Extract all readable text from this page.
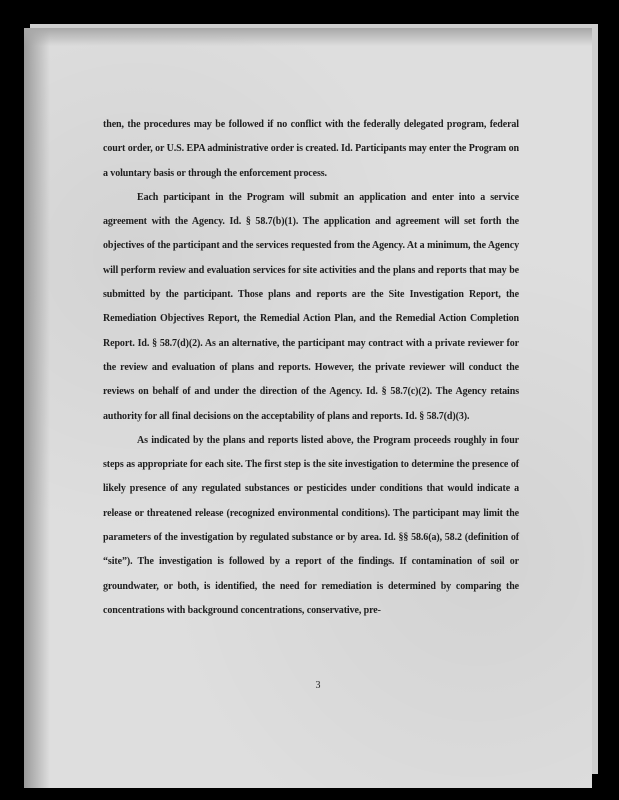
then, the procedures may be followed if no conflict with the federally delegated program, federal court order, or U.S. EPA administrative order is created. Id. Participants may enter the Program on a voluntary basis or through the enforcement process.

Each participant in the Program will submit an application and enter into a service agreement with the Agency. Id. § 58.7(b)(1). The application and agreement will set forth the objectives of the participant and the services requested from the Agency. At a minimum, the Agency will perform review and evaluation services for site activities and the plans and reports that may be submitted by the participant. Those plans and reports are the Site Investigation Report, the Remediation Objectives Report, the Remedial Action Plan, and the Remedial Action Completion Report. Id. § 58.7(d)(2). As an alternative, the participant may contract with a private reviewer for the review and evaluation of plans and reports. However, the private reviewer will conduct the reviews on behalf of and under the direction of the Agency. Id. § 58.7(c)(2). The Agency retains authority for all final decisions on the acceptability of plans and reports. Id. § 58.7(d)(3).

As indicated by the plans and reports listed above, the Program proceeds roughly in four steps as appropriate for each site. The first step is the site investigation to determine the presence of likely presence of any regulated substances or pesticides under conditions that would indicate a release or threatened release (recognized environmental conditions). The participant may limit the parameters of the investigation by regulated substance or by area. Id. §§ 58.6(a), 58.2 (definition of “site”). The investigation is followed by a report of the findings. If contamination of soil or groundwater, or both, is identified, the need for remediation is determined by comparing the concentrations with background concentrations, conservative, pre-

3
